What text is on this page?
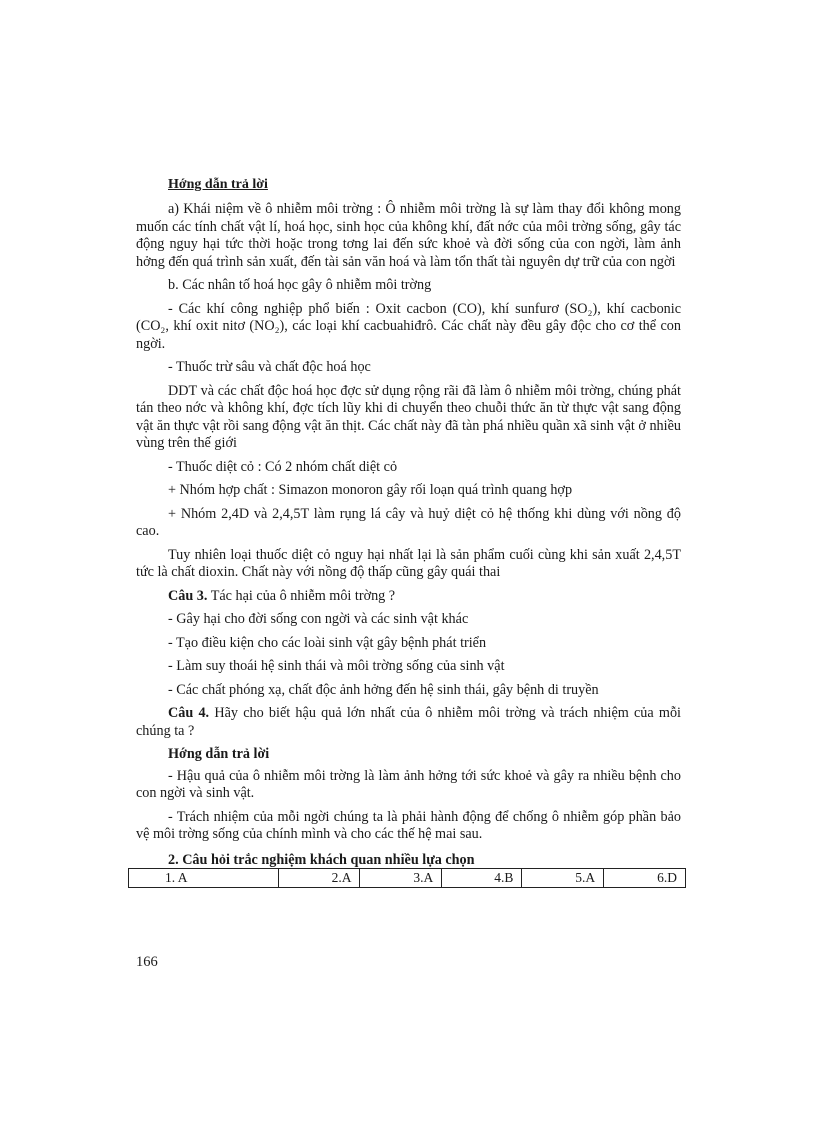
Hớng dẫn trả lời

a) Khái niệm về ô nhiễm môi trờng : Ô nhiễm môi trờng là sự làm thay đổi không mong muốn các tính chất vật lí, hoá học, sinh học của không khí, đất nớc của môi trờng sống, gây tác động nguy hại tức thời hoặc trong tơng lai đến sức khoẻ và đời sống của con ngời, làm ảnh hởng đến quá trình sản xuất, đến tài sản văn hoá và làm tổn thất tài nguyên dự trữ của con ngời

b. Các nhân tố hoá học gây ô nhiễm môi trờng

- Các khí công nghiệp phổ biến : Oxit cacbon (CO), khí sunfurơ (SO₂), khí cacbonic (CO₂, khí oxit nitơ (NO₂), các loại khí cacbuahiđrô. Các chất này đều gây độc cho cơ thể con ngời.

- Thuốc trừ sâu và chất độc hoá học

DDT và các chất độc hoá học đợc sử dụng rộng rãi đã làm ô nhiễm môi trờng, chúng phát tán theo nớc và không khí, đợc tích lũy khi di chuyển theo chuỗi thức ăn từ thực vật sang động vật ăn thực vật rồi sang động vật ăn thịt. Các chất này đã tàn phá nhiều quần xã sinh vật ở nhiều vùng trên thế giới

- Thuốc diệt cỏ : Có 2 nhóm chất diệt cỏ

+ Nhóm hợp chất : Simazon monoron gây rối loạn quá trình quang hợp

+ Nhóm 2,4D và 2,4,5T làm rụng lá cây và huỷ diệt cỏ hệ thống khi dùng với nồng độ cao.

Tuy nhiên loại thuốc diệt cỏ nguy hại nhất lại là sản phẩm cuối cùng khi sản xuất 2,4,5T tức là chất dioxin. Chất này với nồng độ thấp cũng gây quái thai

Câu 3. Tác hại của ô nhiễm môi trờng ?

- Gây hại cho đời sống con ngời và các sinh vật khác

- Tạo điều kiện cho các loài sinh vật gây bệnh phát triển

- Làm suy thoái hệ sinh thái và môi trờng sống của sinh vật

- Các chất phóng xạ, chất độc ảnh hởng đến hệ sinh thái, gây bệnh di truyền

Câu 4. Hãy cho biết hậu quả lớn nhất của ô nhiễm môi trờng và trách nhiệm của mỗi chúng ta ?

Hớng dẫn trả lời

- Hậu quả của ô nhiễm môi trờng là làm ảnh hởng tới sức khoẻ và gây ra nhiều bệnh cho con ngời và sinh vật.

- Trách nhiệm của mỗi ngời chúng ta là phải hành động để chống ô nhiễm góp phần bảo vệ môi trờng sống của chính mình và cho các thế hệ mai sau.

2. Câu hỏi trắc nghiệm khách quan nhiều lựa chọn
1. A	2.A	3.A	4.B	5.A	6.D
166
